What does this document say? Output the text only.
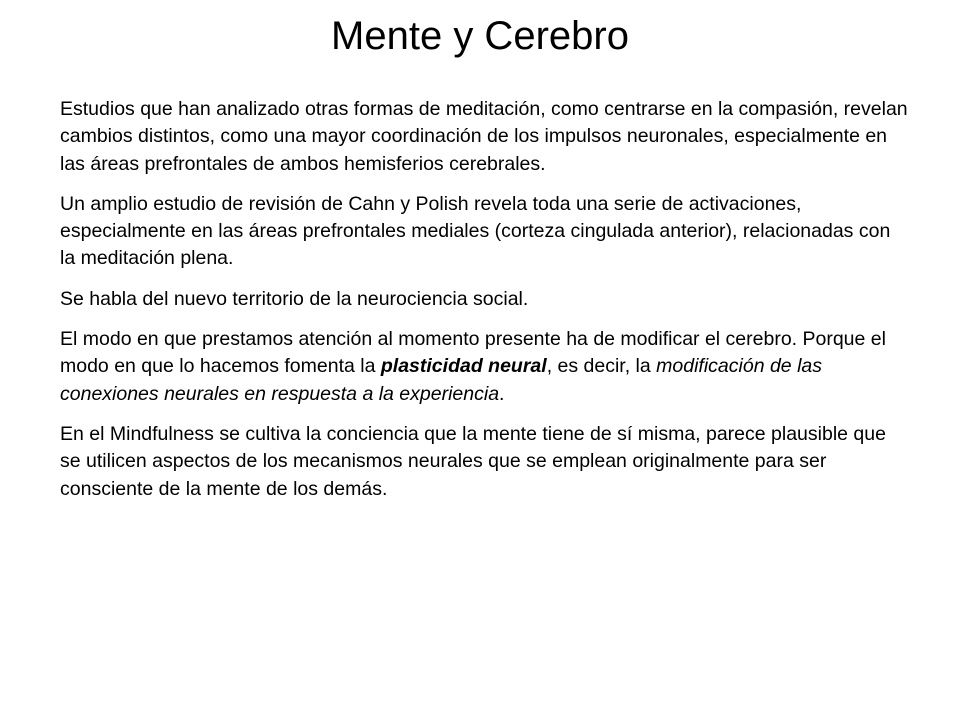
Mente y Cerebro

Estudios que han analizado otras formas de meditación, como centrarse en la compasión, revelan cambios distintos, como una mayor coordinación de los impulsos neuronales, especialmente en las áreas prefrontales de ambos hemisferios cerebrales.

Un amplio estudio de revisión de Cahn y Polish revela toda una serie de activaciones, especialmente en las áreas prefrontales mediales (corteza cingulada anterior), relacionadas con la meditación plena.

Se habla del nuevo territorio de la neurociencia social.

El modo en que prestamos atención al momento presente ha de modificar el cerebro. Porque el modo en que lo hacemos fomenta la plasticidad neural, es decir, la modificación de las conexiones neurales en respuesta a la experiencia.

En el Mindfulness se cultiva la conciencia que la mente tiene de sí misma, parece plausible que se utilicen aspectos de los mecanismos neurales que se emplean originalmente para ser consciente de la mente de los demás.
